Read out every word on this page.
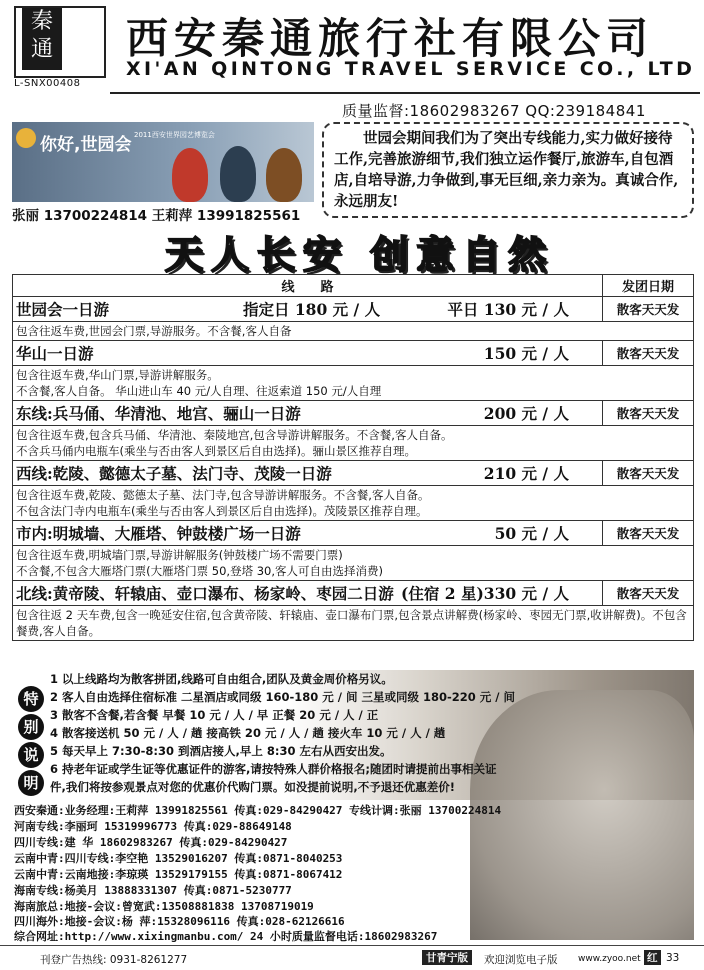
秦通
L-SNX00408
西安秦通旅行社有限公司
XI'AN QINTONG TRAVEL SERVICE CO., LTD
质量监督:18602983267 QQ:239184841
你好,世园会 2011西安世界园艺博览会
张丽 13700224814 王莉萍 13991825561
世园会期间我们为了突出专线能力,实力做好接待工作,完善旅游细节,我们独立运作餐厅,旅游车,自包酒店,自培导游,力争做到,事无巨细,亲力亲为。真诚合作,永远朋友!
天人长安 创意自然
线　　路	发团日期
世园会一日游 指定日 180 元 / 人 平日 130 元 / 人	散客天天发

包含往返车费,世园会门票,导游服务。不含餐,客人自备	

华山一日游 150 元 / 人	散客天天发

包含往返车费,华山门票,导游讲解服务。
不含餐,客人自备。 华山进山车 40 元/人自理、往返索道 150 元/人自理	

东线:兵马俑、华清池、地宫、骊山一日游 200 元 / 人	散客天天发

包含往返车费,包含兵马俑、华清池、秦陵地宫,包含导游讲解服务。不含餐,客人自备。
不含兵马俑内电瓶车(乘坐与否由客人到景区后自由选择)。骊山景区推荐自理。	

西线:乾陵、懿德太子墓、法门寺、茂陵一日游 210 元 / 人	散客天天发

包含往返车费,乾陵、懿德太子墓、法门寺,包含导游讲解服务。不含餐,客人自备。
不包含法门寺内电瓶车(乘坐与否由客人到景区后自由选择)。茂陵景区推荐自理。	

市内:明城墙、大雁塔、钟鼓楼广场一日游 50 元 / 人	散客天天发

包含往返车费,明城墙门票,导游讲解服务(钟鼓楼广场不需要门票)
不含餐,不包含大雁塔门票(大雁塔门票 50,登塔 30,客人可自由选择消费)	

北线:黄帝陵、轩辕庙、壶口瀑布、杨家岭、枣园二日游 (住宿 2 星)330 元 / 人	散客天天发

包含往返 2 天车费,包含一晚延安住宿,包含黄帝陵、轩辕庙、壶口瀑布门票,包含景点讲解费(杨家岭、枣园无门票,收讲解费)。不包含餐费,客人自备。	
特
别
说
明
1 以上线路均为散客拼团,线路可自由组合,团队及黄金周价格另议。
2 客人自由选择住宿标准 二星酒店或同级 160-180 元 / 间 三星或同级 180-220 元 / 间
3 散客不含餐,若含餐 早餐 10 元 / 人 / 早 正餐 20 元 / 人 / 正
4 散客接送机 50 元 / 人 / 趟 接高铁 20 元 / 人 / 趟 接火车 10 元 / 人 / 趟
5 每天早上 7:30-8:30 到酒店接人,早上 8:30 左右从西安出发。
6 持老年证或学生证等优惠证件的游客,请按特殊人群价格报名;随团时请提前出事相关证
件,我们将按参观景点对您的优惠价代购门票。如没提前说明,不予退还优惠差价!
西安秦通:业务经理:王莉萍 13991825561 传真:029-84290427 专线计调:张丽 13700224814
河南专线:李丽珂 15319996773 传真:029-88649148
四川专线:建 华 18602983267 传真:029-84290427
云南中青:四川专线:李空艳 13529016207 传真:0871-8040253
云南中青:云南地接:李琼瑛 13529179155 传真:0871-8067412
海南专线:杨美月 13888331307 传真:0871-5230777
海南旅总:地接-会议:曾宽武:13508881838 13708719019
四川海外:地接-会议:杨 萍:15328096116 传真:028-62126616
综合网址:http://www.xixingmanbu.com/ 24 小时质量监督电话:18602983267
刊登广告热线: 0931-8261277	甘青宁版	欢迎浏览电子版 www.zyoo.net 红 33
